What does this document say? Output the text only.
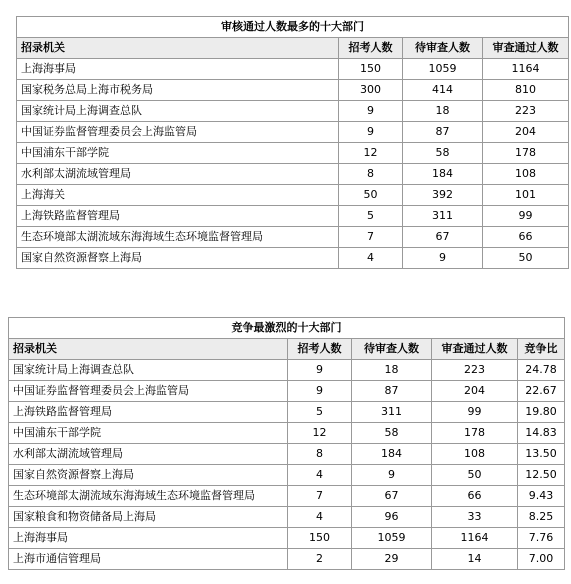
审核通过人数最多的十大部门			
招录机关	招考人数	待审查人数	审查通过人数
上海海事局	150	1059	1164
国家税务总局上海市税务局	300	414	810
国家统计局上海调查总队	9	18	223
中国证券监督管理委员会上海监管局	9	87	204
中国浦东干部学院	12	58	178
水利部太湖流域管理局	8	184	108
上海海关	50	392	101
上海铁路监督管理局	5	311	99
生态环境部太湖流域东海海域生态环境监督管理局	7	67	66
国家自然资源督察上海局	4	9	50
竞争最激烈的十大部门				
招录机关	招考人数	待审查人数	审查通过人数	竞争比
国家统计局上海调查总队	9	18	223	24.78
中国证券监督管理委员会上海监管局	9	87	204	22.67
上海铁路监督管理局	5	311	99	19.80
中国浦东干部学院	12	58	178	14.83
水利部太湖流域管理局	8	184	108	13.50
国家自然资源督察上海局	4	9	50	12.50
生态环境部太湖流域东海海域生态环境监督管理局	7	67	66	9.43
国家粮食和物资储备局上海局	4	96	33	8.25
上海海事局	150	1059	1164	7.76
上海市通信管理局	2	29	14	7.00
